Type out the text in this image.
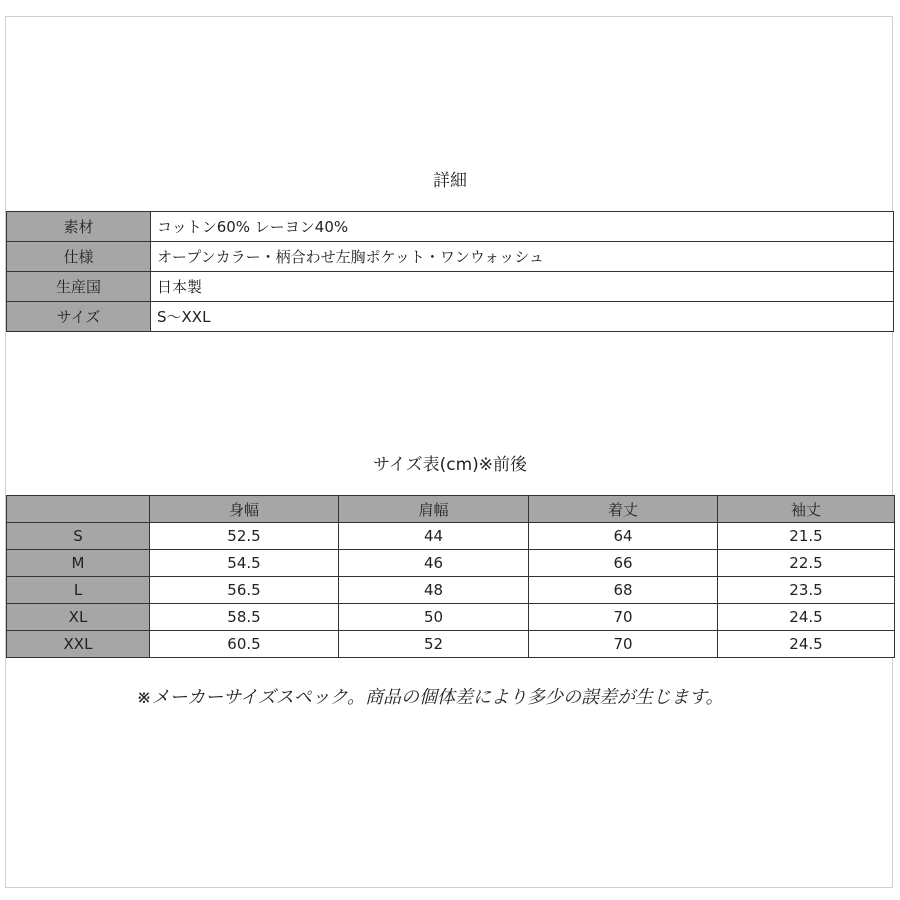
詳細
素材	コットン60% レーヨン40%
仕様	オープンカラー・柄合わせ左胸ポケット・ワンウォッシュ
生産国	日本製
サイズ	S〜XXL
サイズ表(cm)※前後
	身幅	肩幅	着丈	袖丈
S	52.5	44	64	21.5
M	54.5	46	66	22.5
L	56.5	48	68	23.5
XL	58.5	50	70	24.5
XXL	60.5	52	70	24.5
※メーカーサイズスペック。商品の個体差により多少の誤差が生じます。
